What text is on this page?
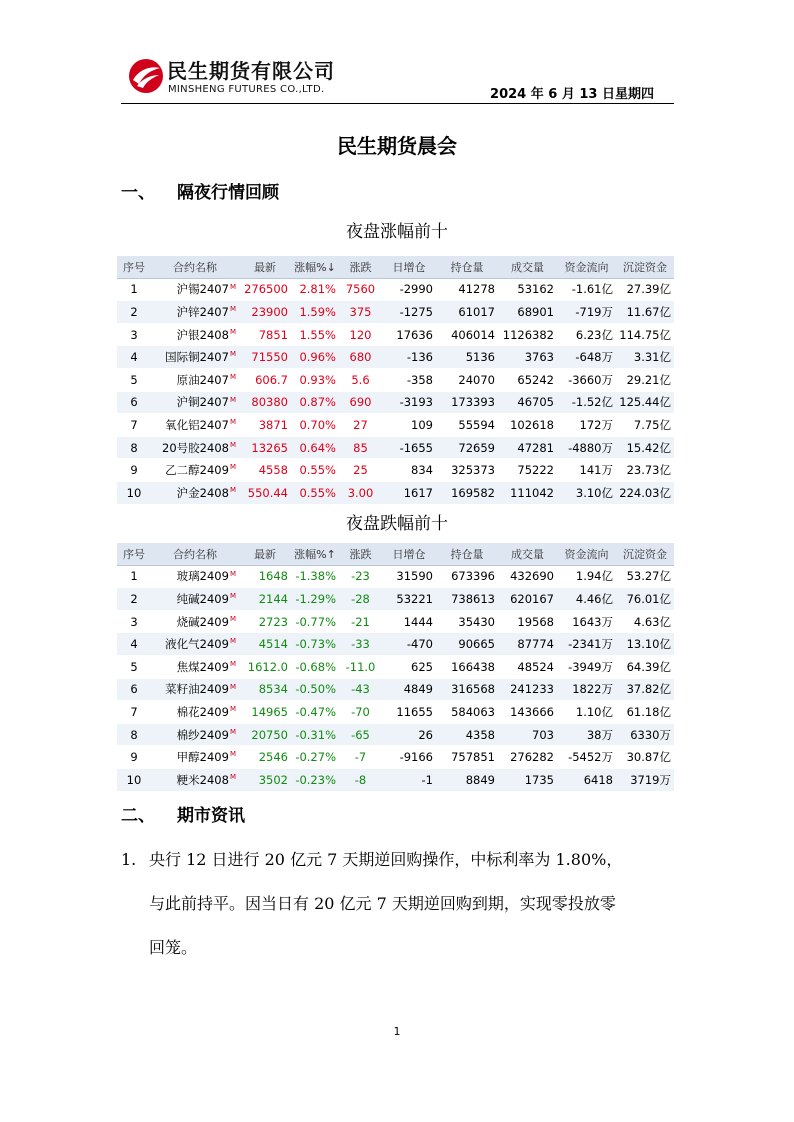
民生期货有限公司
MINSHENG FUTURES CO.,LTD.	2024 年 6 月 13 日星期四
民生期货晨会
一、 隔夜行情回顾
夜盘涨幅前十
序号	合约名称	最新	涨幅%↓	涨跌	日增仓	持仓量	成交量	资金流向	沉淀资金
1	沪锡$2407^M$	276500	2.81%	7560	-2990	41278	53162	-1.61亿	27.39亿
2	沪锌$2407^M$	23900	1.59%	375	-1275	61017	68901	-719万	11.67亿
3	沪银$2408^M$	7851	1.55%	120	17636	406014	1126382	6.23亿	114.75亿
4	国际铜$2407^M$	71550	0.96%	680	-136	5136	3763	-648万	3.31亿
5	原油$2407^M$	606.7	0.93%	5.6	-358	24070	65242	-3660万	29.21亿
6	沪铜$2407^M$	80380	0.87%	690	-3193	173393	46705	-1.52亿	125.44亿
7	氧化铝$2407^M$	3871	0.70%	27	109	55594	102618	172万	7.75亿
8	20号胶$2408^M$	13265	0.64%	85	-1655	72659	47281	-4880万	15.42亿
9	乙二醇$2409^M$	4558	0.55%	25	834	325373	75222	141万	23.73亿
10	沪金$2408^M$	550.44	0.55%	3.00	1617	169582	111042	3.10亿	224.03亿
夜盘跌幅前十
序号	合约名称	最新	涨幅%↑	涨跌	日增仓	持仓量	成交量	资金流向	沉淀资金
1	玻璃$2409^M$	1648	-1.38%	-23	31590	673396	432690	1.94亿	53.27亿
2	纯碱$2409^M$	2144	-1.29%	-28	53221	738613	620167	4.46亿	76.01亿
3	烧碱$2409^M$	2723	-0.77%	-21	1444	35430	19568	1643万	4.63亿
4	液化气$2409^M$	4514	-0.73%	-33	-470	90665	87774	-2341万	13.10亿
5	焦煤$2409^M$	1612.0	-0.68%	-11.0	625	166438	48524	-3949万	64.39亿
6	菜籽油$2409^M$	8534	-0.50%	-43	4849	316568	241233	1822万	37.82亿
7	棉花$2409^M$	14965	-0.47%	-70	11655	584063	143666	1.10亿	61.18亿
8	棉纱$2409^M$	20750	-0.31%	-65	26	4358	703	38万	6330万
9	甲醇$2409^M$	2546	-0.27%	-7	-9166	757851	276282	-5452万	30.87亿
10	粳米$2408^M$	3502	-0.23%	-8	-1	8849	1735	6418	3719万
二、 期市资讯
1. 央行 12 日进行 20 亿元 7 天期逆回购操作，中标利率为 1.80%，
与此前持平。因当日有 20 亿元 7 天期逆回购到期，实现零投放零
回笼。
1
